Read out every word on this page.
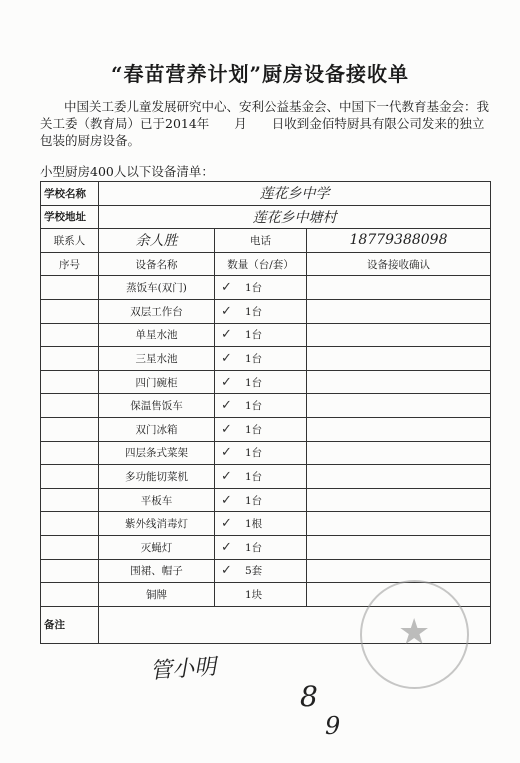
“春苗营养计划”厨房设备接收单
中国关工委儿童发展研究中心、安利公益基金会、中国下一代教育基金会：我关工委（教育局）已于2014年　　月　　日收到金佰特厨具有限公司发来的独立包装的厨房设备。
小型厨房400人以下设备清单：
学校名称	莲花乡中学		
学校地址	莲花乡中塘村		
联系人	余人胜	电话	18779388098
序号	设备名称	数量（台/套）	设备接收确认
	蒸饭车(双门)	✓ 1台	
	双层工作台	✓ 1台	
	单星水池	✓ 1台	
	三星水池	✓ 1台	
	四门碗柜	✓ 1台	
	保温售饭车	✓ 1台	
	双门冰箱	✓ 1台	
	四层条式菜架	✓ 1台	
	多功能切菜机	✓ 1台	
	平板车	✓ 1台	
	紫外线消毒灯	✓ 1根	
	灭蝇灯	✓ 1台	
	围裙、帽子	✓ 5套	
	铜牌	1块	
备注				★
管小明
8
9
